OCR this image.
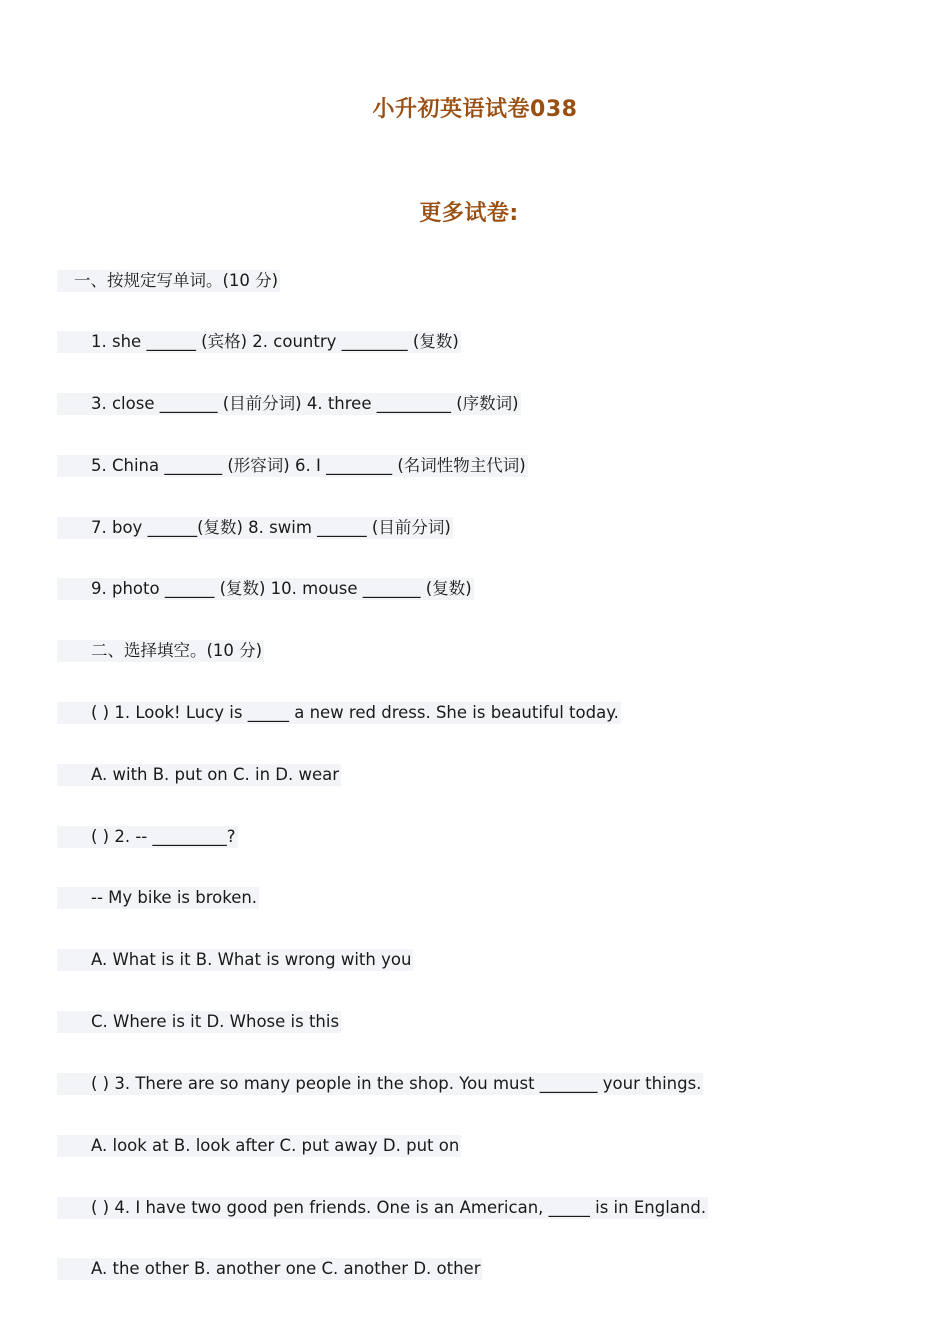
小升初英语试卷038
更多试卷:
一、按规定写单词。(10 分)
1. she ______ (宾格) 2. country ________ (复数)
3. close _______ (目前分词) 4. three _________ (序数词)
5. China _______ (形容词) 6. I ________ (名词性物主代词)
7. boy ______(复数) 8. swim ______ (目前分词)
9. photo ______ (复数) 10. mouse _______ (复数)
二、选择填空。(10 分)
( ) 1. Look! Lucy is _____ a new red dress. She is beautiful today.
A. with B. put on C. in D. wear
( ) 2. -- _________?
-- My bike is broken.
A. What is it B. What is wrong with you
C. Where is it D. Whose is this
( ) 3. There are so many people in the shop. You must _______ your things.
A. look at B. look after C. put away D. put on
( ) 4. I have two good pen friends. One is an American, _____ is in England.
A. the other B. another one C. another D. other
